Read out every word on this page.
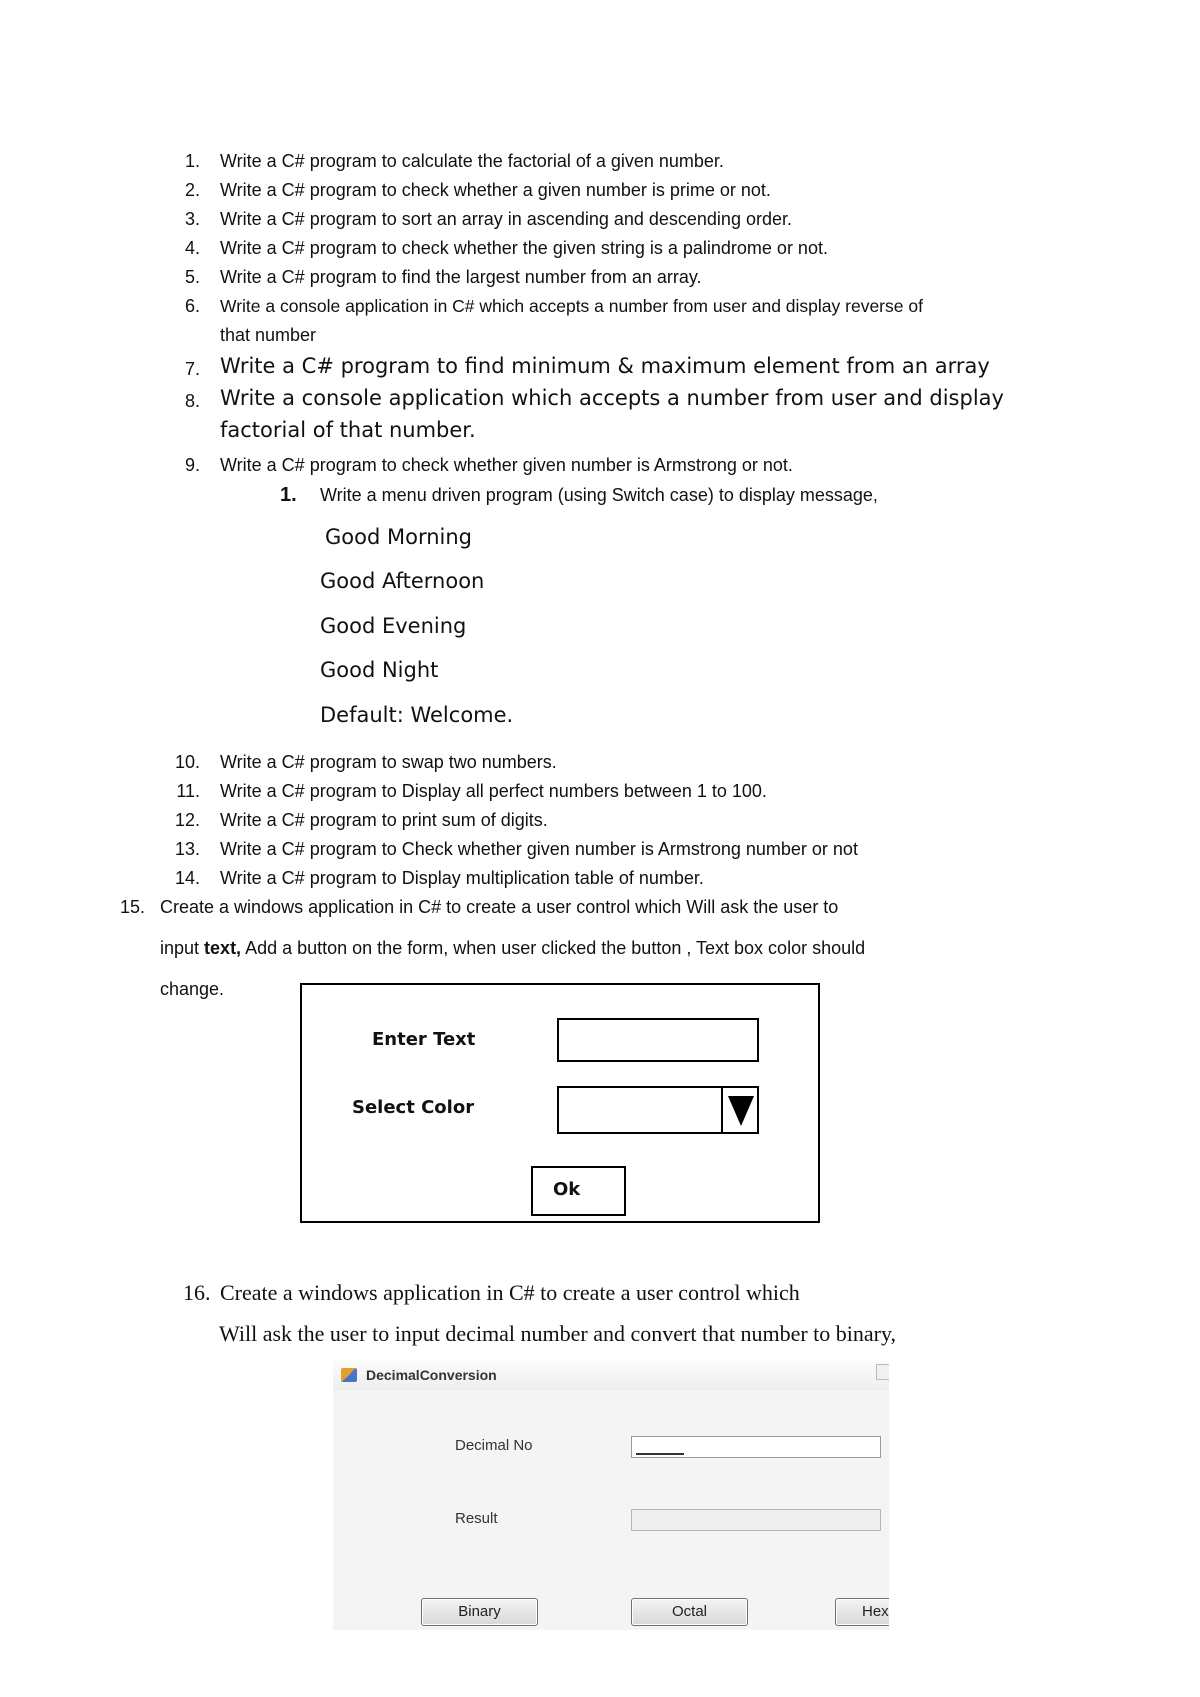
1. Write a C# program to calculate the factorial of a given number.
2. Write a C# program to check whether a given number is prime or not.
3. Write a C# program to sort an array in ascending and descending order.
4. Write a C# program to check whether the given string is a palindrome or not.
5. Write a C# program to find the largest number from an array.
6. Write a console application in C# which accepts a number from user and display reverse of
that number
7. Write a C# program to find minimum & maximum element from an array
8. Write a console application which accepts a number from user and display
factorial of that number.
9. Write a C# program to check whether given number is Armstrong or not.
1. Write a menu driven program (using Switch case) to display message,
Good Morning
Good Afternoon
Good Evening
Good Night
Default: Welcome.
10. Write a C# program to swap two numbers.
11. Write a C# program to Display all perfect numbers between 1 to 100.
12. Write a C# program to print sum of digits.
13. Write a C# program to Check whether given number is Armstrong number or not
14. Write a C# program to Display multiplication table of number.
15. Create a windows application in C# to create a user control which Will ask the user to
input text, Add a button on the form, when user clicked the button , Text box color should
change.
Enter Text
Select Color
Ok
16. Create a windows application in C# to create a user control which
Will ask the user to input decimal number and convert that number to binary,
DecimalConversion
Decimal No
Result
Binary	Octal	Hex
